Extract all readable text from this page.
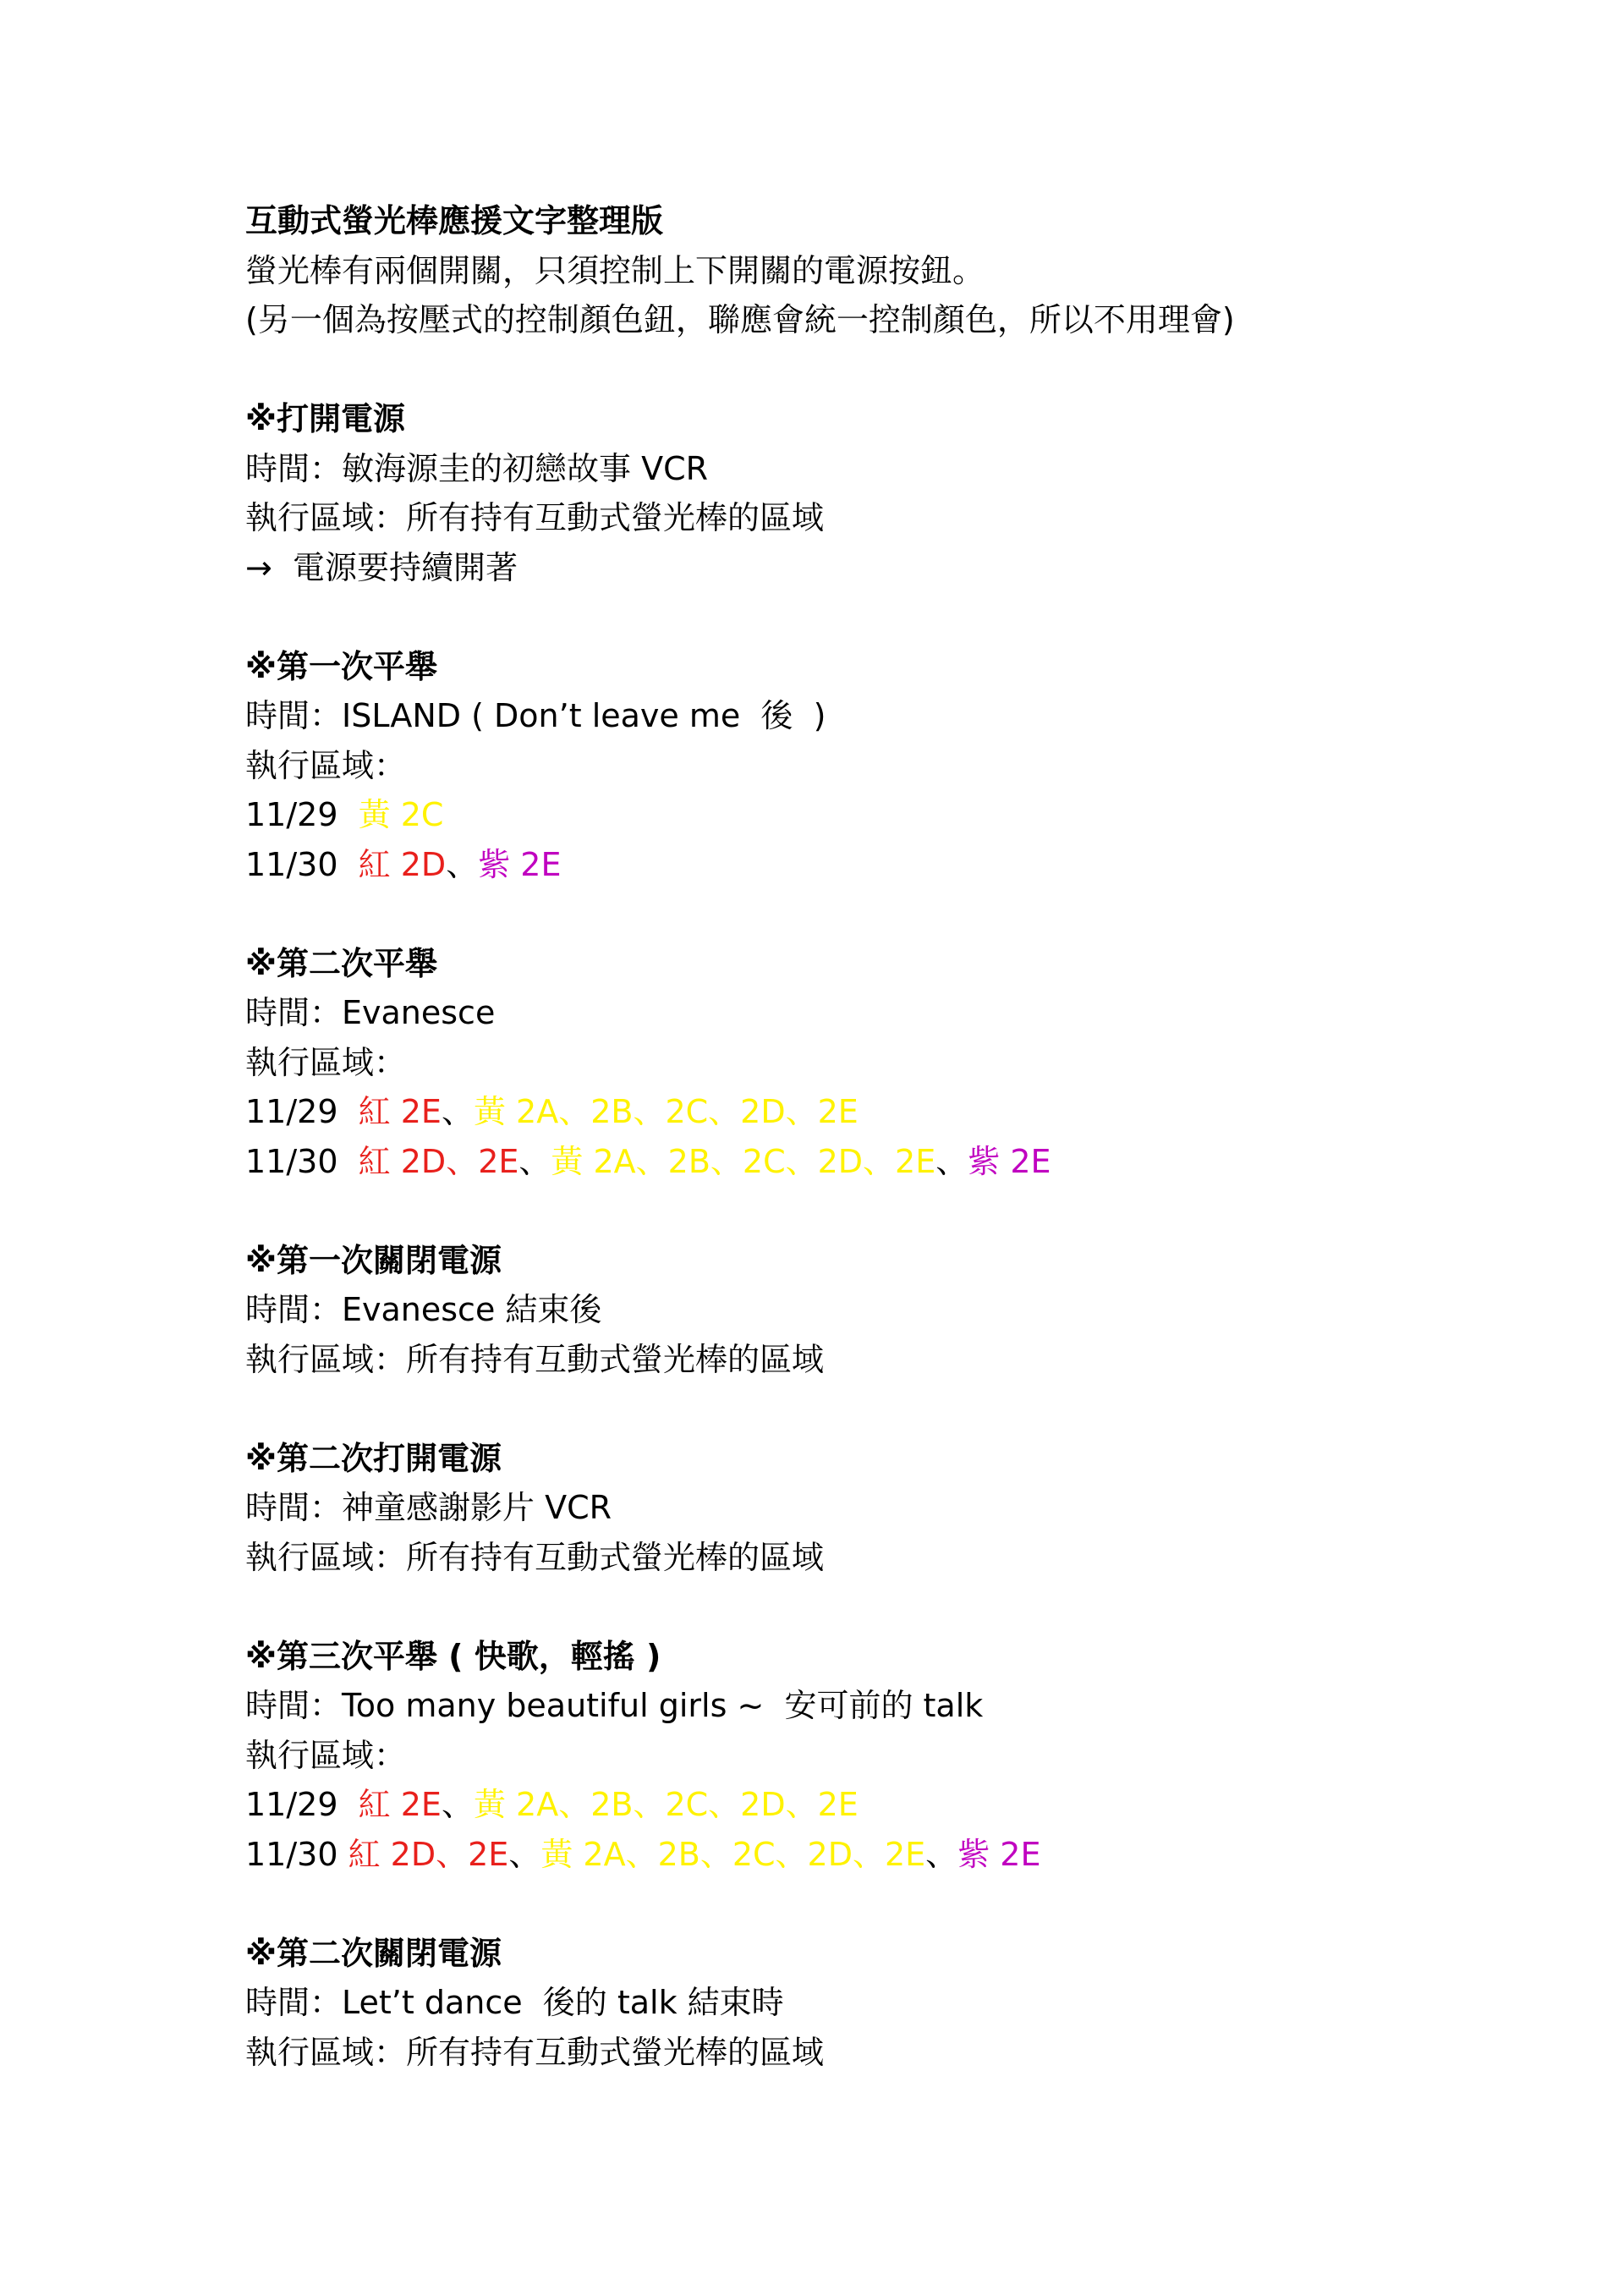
互動式螢光棒應援文字整理版
螢光棒有兩個開關，只須控制上下開關的電源按鈕。
(另一個為按壓式的控制顏色鈕，聯應會統一控制顏色，所以不用理會)
※打開電源
時間：敏海源圭的初戀故事 VCR
執行區域：所有持有互動式螢光棒的區域
→  電源要持續開著
※第一次平舉
時間：ISLAND ( Don’t leave me  後  )
執行區域：
11/29  黃 2C
11/30  紅 2D、紫 2E
※第二次平舉
時間：Evanesce
執行區域：
11/29  紅 2E、黃 2A、2B、2C、2D、2E
11/30  紅 2D、2E、黃 2A、2B、2C、2D、2E、紫 2E
※第一次關閉電源
時間：Evanesce 結束後
執行區域：所有持有互動式螢光棒的區域
※第二次打開電源
時間：神童感謝影片 VCR
執行區域：所有持有互動式螢光棒的區域
※第三次平舉 ( 快歌，輕搖 )
時間：Too many beautiful girls ~  安可前的 talk
執行區域：
11/29  紅 2E、黃 2A、2B、2C、2D、2E
11/30 紅 2D、2E、黃 2A、2B、2C、2D、2E、紫 2E
※第二次關閉電源
時間：Let’t dance  後的 talk 結束時
執行區域：所有持有互動式螢光棒的區域
